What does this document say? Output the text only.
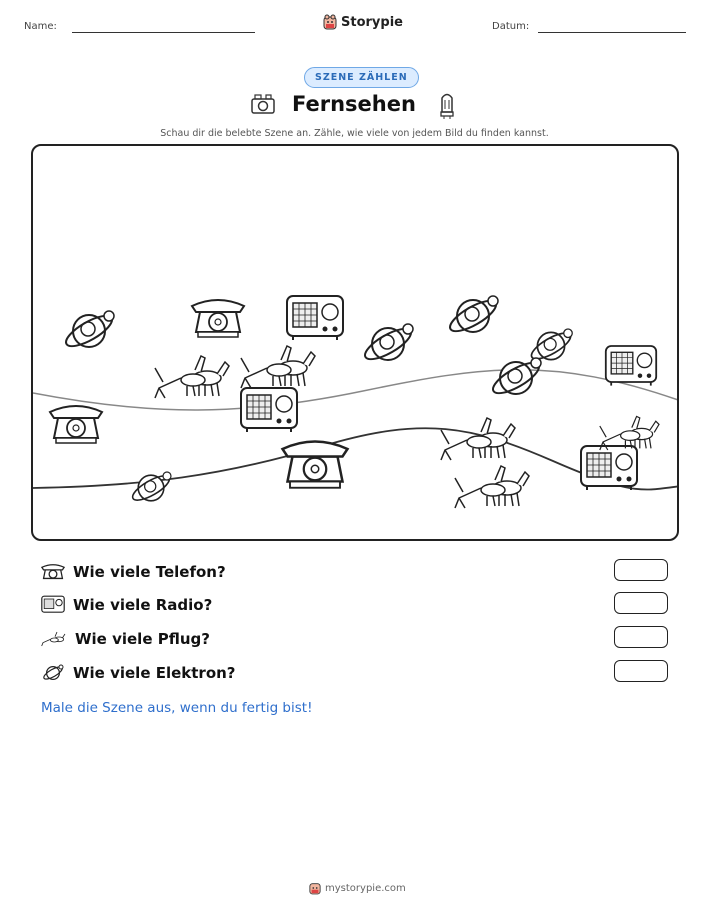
Name:	Storypie	Datum:
SZENE ZÄHLEN
Fernsehen
Schau dir die belebte Szene an. Zähle, wie viele von jedem Bild du finden kannst.
Wie viele Telefon?
Wie viele Radio?
Wie viele Pflug?
Wie viele Elektron?
Male die Szene aus, wenn du fertig bist!
mystorypie.com
